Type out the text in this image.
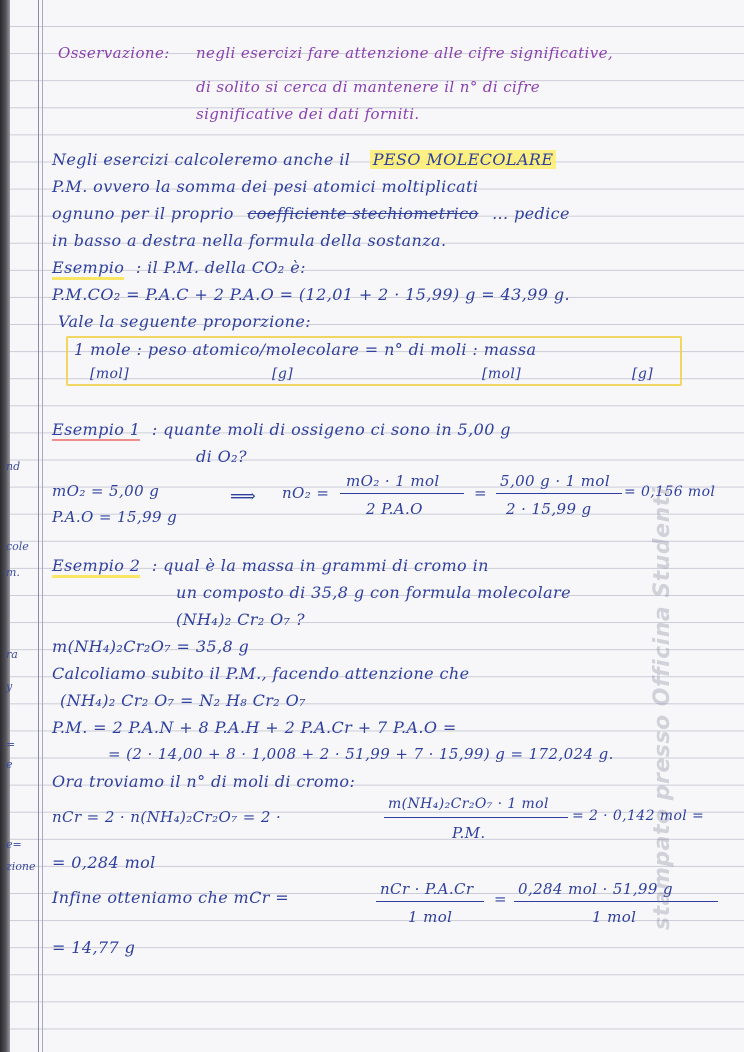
nd
cole
m.
ra
y
=
e
e=
zione
Osservazione: negli esercizi fare attenzione alle cifre significative,
di solito si cerca di mantenere il n° di cifre
significative dei dati forniti.
Negli esercizi calcoleremo anche il PESO MOLECOLARE
P.M. ovvero la somma dei pesi atomici moltiplicati
ognuno per il proprio coefficiente stechiometrico ... pedice
in basso a destra nella formula della sostanza.
Esempio : il P.M. della CO₂ è:
P.M.CO₂ = P.A.C + 2 P.A.O = (12,01 + 2 · 15,99) g = 43,99 g.
Vale la seguente proporzione:
1 mole : peso atomico/molecolare = n° di moli : massa
[mol]	[g]	[mol]	[g]
Esempio 1 : quante moli di ossigeno ci sono in 5,00 g
di O₂?
mO₂ = 5,00 g
P.A.O = 15,99 g
⟹ nO₂ =
mO₂ · 1 mol
2 P.A.O
=
5,00 g · 1 mol
2 · 15,99 g
= 0,156 mol
Esempio 2 : qual è la massa in grammi di cromo in
un composto di 35,8 g con formula molecolare
(NH₄)₂ Cr₂ O₇ ?
m(NH₄)₂Cr₂O₇ = 35,8 g
Calcoliamo subito il P.M., facendo attenzione che
(NH₄)₂ Cr₂ O₇ = N₂ H₈ Cr₂ O₇
P.M. = 2 P.A.N + 8 P.A.H + 2 P.A.Cr + 7 P.A.O =
= (2 · 14,00 + 8 · 1,008 + 2 · 51,99 + 7 · 15,99) g = 172,024 g.
Ora troviamo il n° di moli di cromo:
nCr = 2 · n(NH₄)₂Cr₂O₇ = 2 ·
m(NH₄)₂Cr₂O₇ · 1 mol
P.M.
= 2 · 0,142 mol =
= 0,284 mol
Infine otteniamo che mCr =	nCr · P.A.Cr
1 mol
=
0,284 mol · 51,99 g
1 mol
= 14,77 g
stampato presso Officina Studenti
